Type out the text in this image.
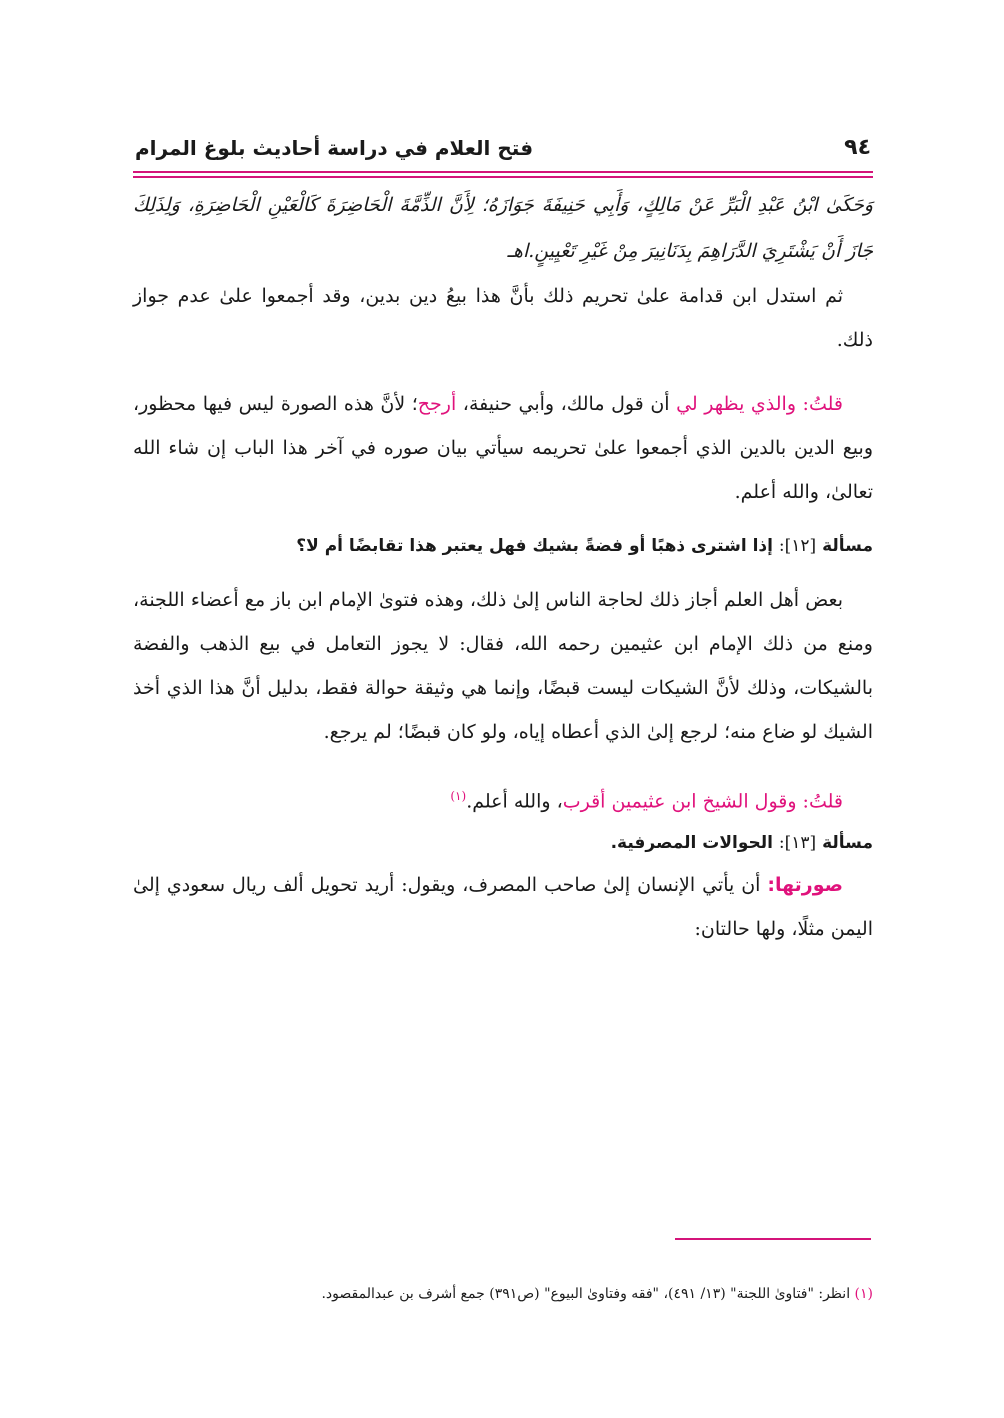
٩٤
فتح العلام في دراسة أحاديث بلوغ المرام

وَحَكَىٰ ابْنُ عَبْدِ الْبَرِّ عَنْ مَالِكٍ، وَأَبِي حَنِيفَةَ جَوَازَهُ؛ لِأَنَّ الذِّمَّةَ الْحَاضِرَةَ كَالْعَيْنِ الْحَاضِرَةِ، وَلِذَلِكَ جَازَ أَنْ يَشْتَرِيَ الدَّرَاهِمَ بِدَنَانِيرَ مِنْ غَيْرِ تَعْيِينٍ.اهـ

ثم استدل ابن قدامة علىٰ تحريم ذلك بأنَّ هذا بيعُ دين بدين، وقد أجمعوا علىٰ عدم جواز ذلك.

قلتُ: والذي يظهر لي أن قول مالك، وأبي حنيفة، أرجح؛ لأنَّ هذه الصورة ليس فيها محظور، وبيع الدين بالدين الذي أجمعوا علىٰ تحريمه سيأتي بيان صوره في آخر هذا الباب إن شاء الله تعالىٰ، والله أعلم.

مسألة [١٢]: إذا اشترى ذهبًا أو فضةً بشيك فهل يعتبر هذا تقابضًا أم لا؟

بعض أهل العلم أجاز ذلك لحاجة الناس إلىٰ ذلك، وهذه فتوىٰ الإمام ابن باز مع أعضاء اللجنة، ومنع من ذلك الإمام ابن عثيمين رحمه الله، فقال: لا يجوز التعامل في بيع الذهب والفضة بالشيكات، وذلك لأنَّ الشيكات ليست قبضًا، وإنما هي وثيقة حوالة فقط، بدليل أنَّ هذا الذي أخذ الشيك لو ضاع منه؛ لرجع إلىٰ الذي أعطاه إياه، ولو كان قبضًا؛ لم يرجع.

قلتُ: وقول الشيخ ابن عثيمين أقرب، والله أعلم.$^{(١)}$

مسألة [١٣]: الحوالات المصرفية.

صورتها: أن يأتي الإنسان إلىٰ صاحب المصرف، ويقول: أريد تحويل ألف ريال سعودي إلىٰ اليمن مثلًا، ولها حالتان:

(١) انظر: "فتاوىٰ اللجنة" (١٣/ ٤٩١)، "فقه وفتاوىٰ البيوع" (ص٣٩١) جمع أشرف بن عبدالمقصود.
